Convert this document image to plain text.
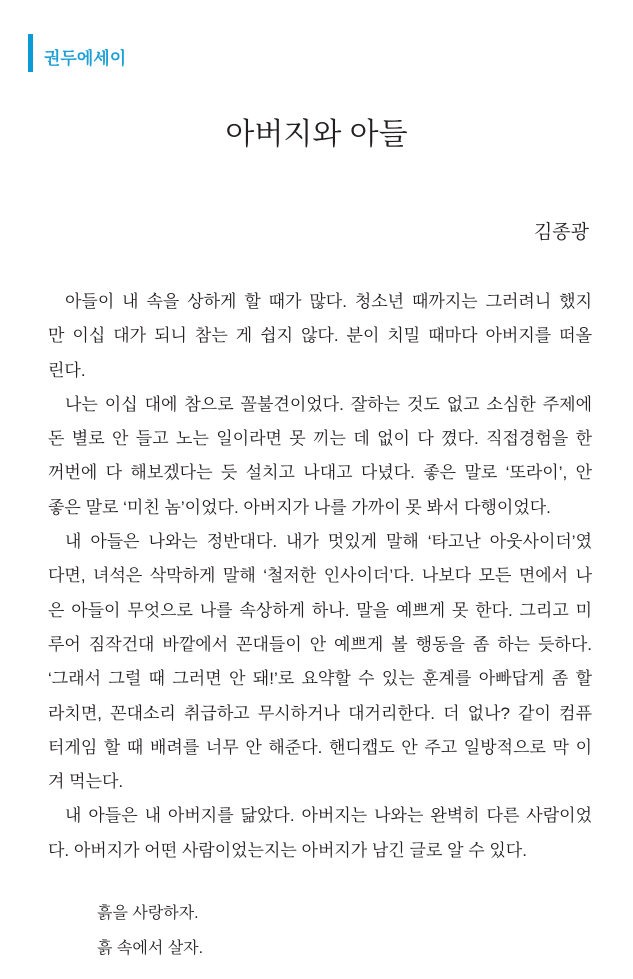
권두에세이
아버지와 아들
김종광
아들이 내 속을 상하게 할 때가 많다. 청소년 때까지는 그러려니 했지
만 이십 대가 되니 참는 게 쉽지 않다. 분이 치밀 때마다 아버지를 떠올
린다.
나는 이십 대에 참으로 꼴불견이었다. 잘하는 것도 없고 소심한 주제에
돈 별로 안 들고 노는 일이라면 못 끼는 데 없이 다 꼈다. 직접경험을 한
꺼번에 다 해보겠다는 듯 설치고 나대고 다녔다. 좋은 말로 ‘또라이’, 안
좋은 말로 ‘미친 놈’이었다. 아버지가 나를 가까이 못 봐서 다행이었다.
내 아들은 나와는 정반대다. 내가 멋있게 말해 ‘타고난 아웃사이더’였
다면, 녀석은 삭막하게 말해 ‘철저한 인사이더’다. 나보다 모든 면에서 나
은 아들이 무엇으로 나를 속상하게 하나. 말을 예쁘게 못 한다. 그리고 미
루어 짐작건대 바깥에서 꼰대들이 안 예쁘게 볼 행동을 좀 하는 듯하다.
‘그래서 그럴 때 그러면 안 돼!’로 요약할 수 있는 훈계를 아빠답게 좀 할
라치면, 꼰대소리 취급하고 무시하거나 대거리한다. 더 없나? 같이 컴퓨
터게임 할 때 배려를 너무 안 해준다. 핸디캡도 안 주고 일방적으로 막 이
겨 먹는다.
내 아들은 내 아버지를 닮았다. 아버지는 나와는 완벽히 다른 사람이었
다. 아버지가 어떤 사람이었는지는 아버지가 남긴 글로 알 수 있다.
흙을 사랑하자.
흙 속에서 살자.
